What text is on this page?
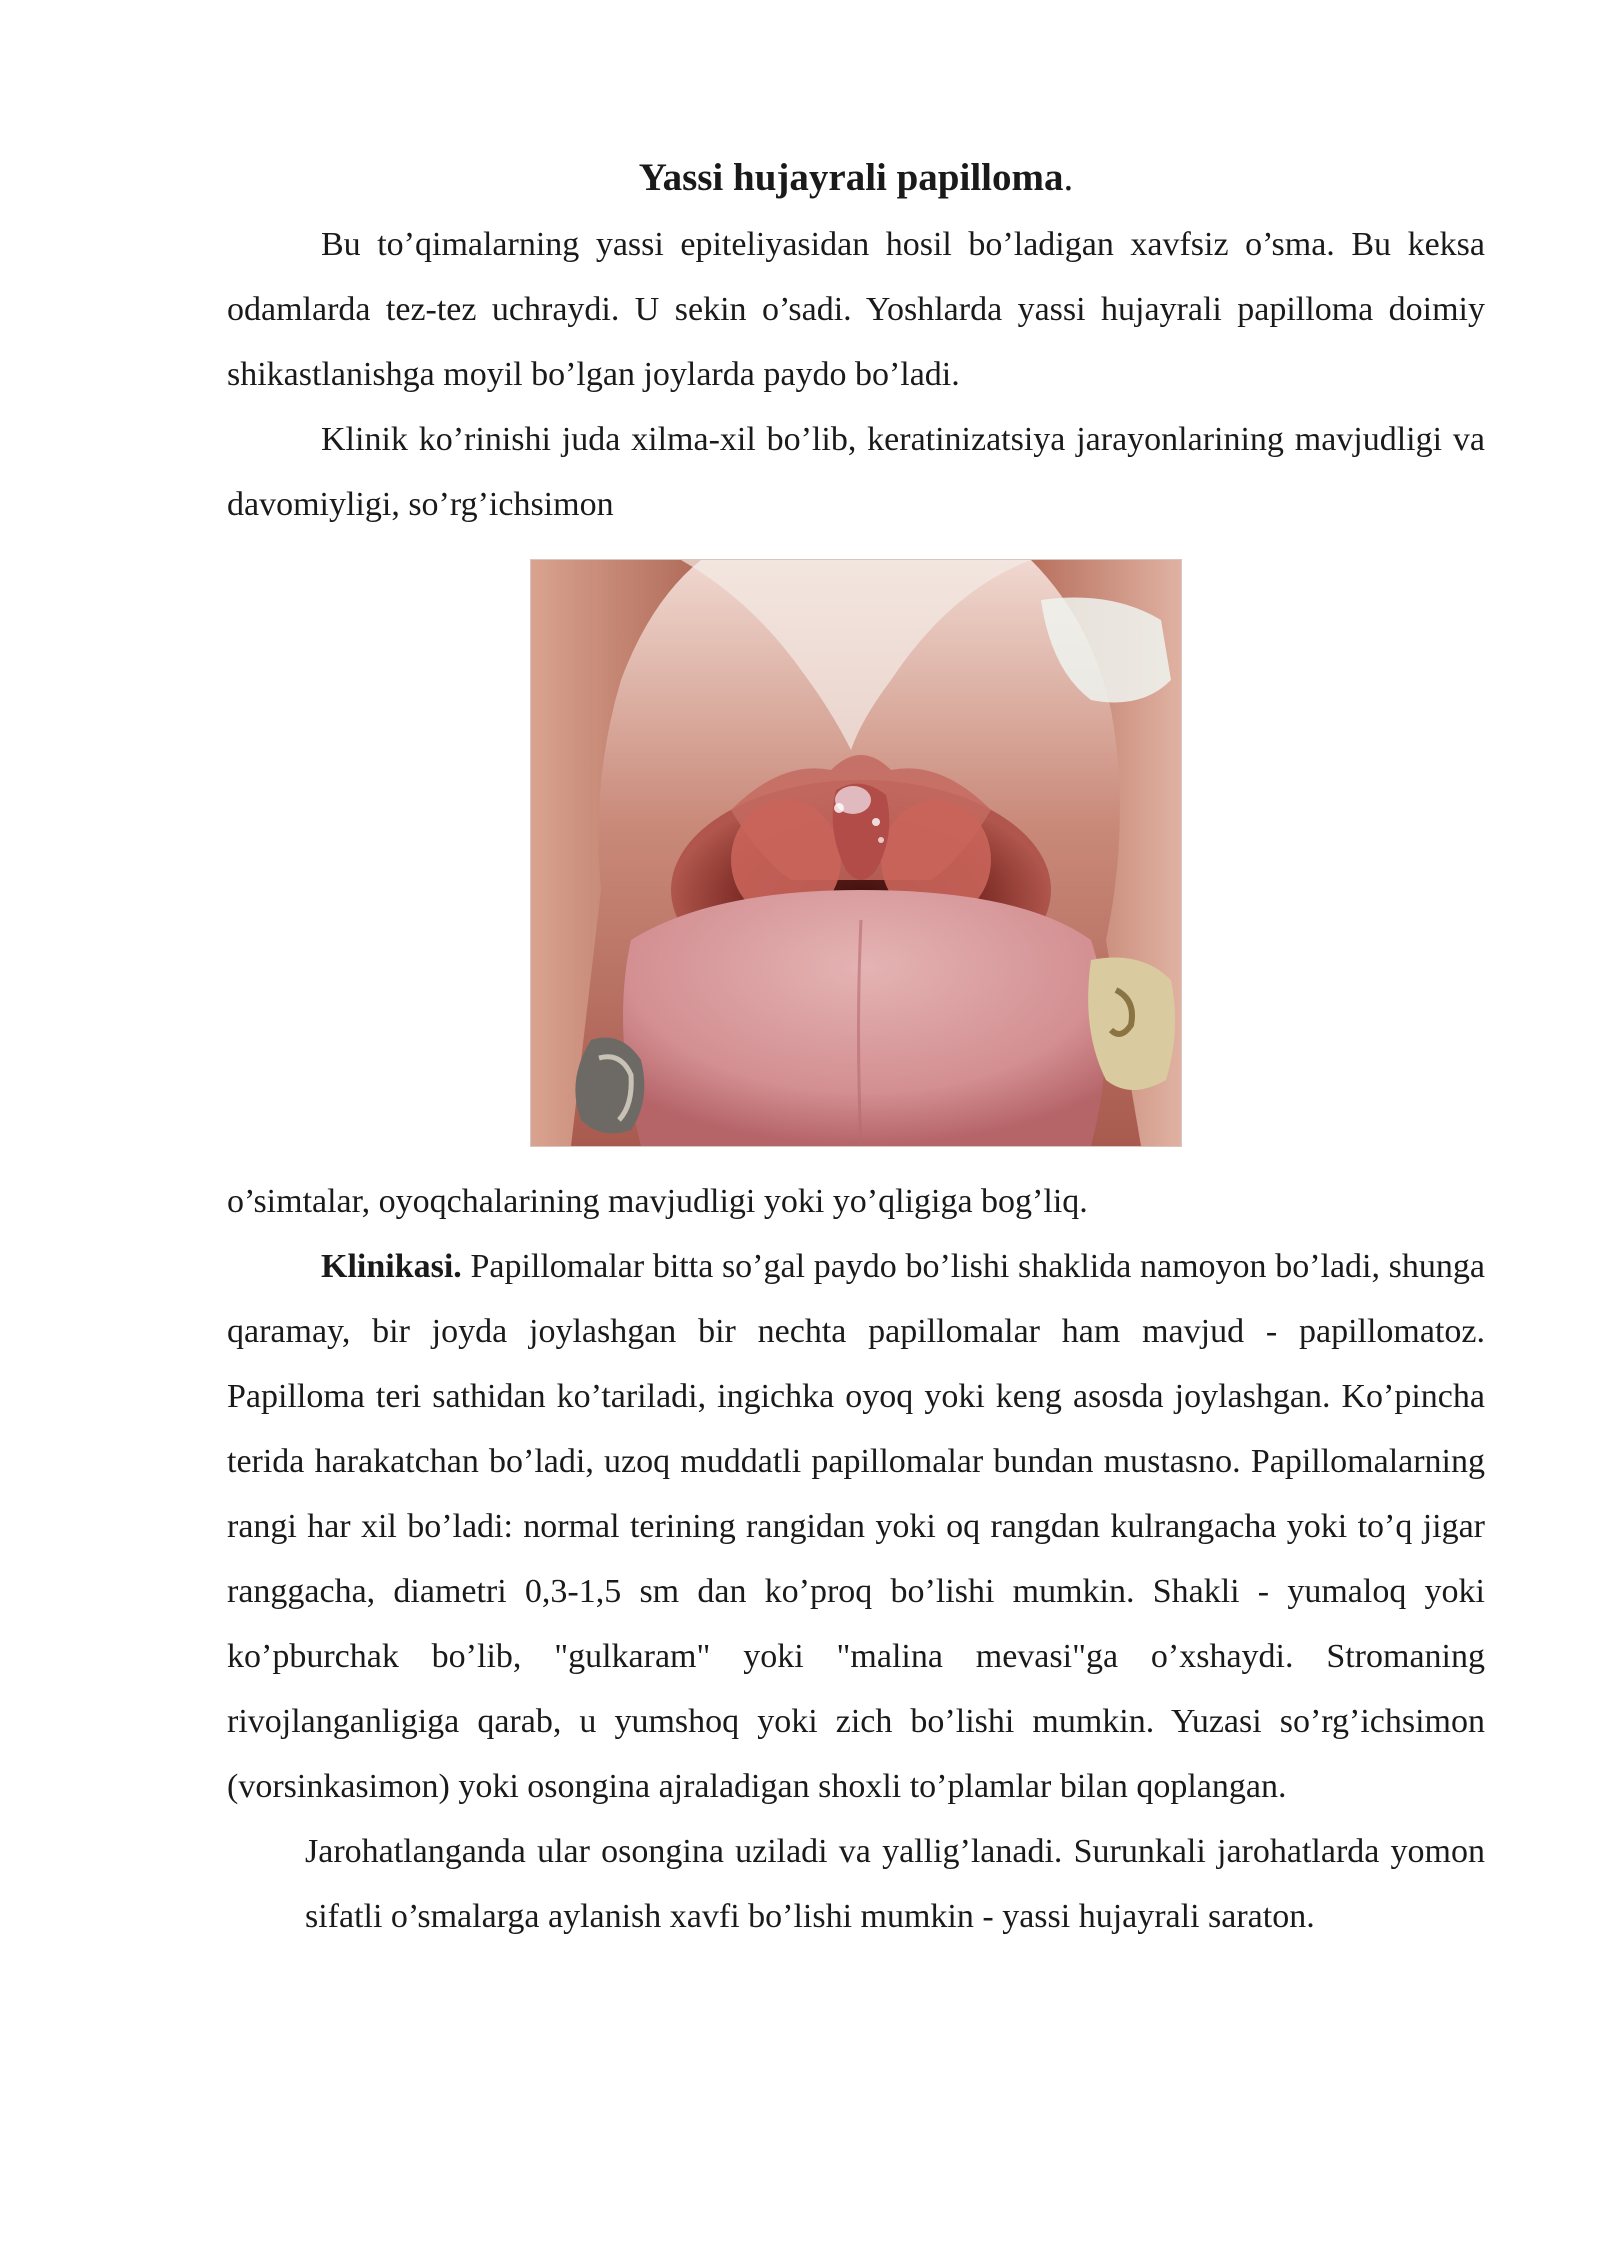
Yassi hujayrali papilloma.

Bu to’qimalarning yassi epiteliyasidan hosil bo’ladigan xavfsiz o’sma. Bu keksa odamlarda tez-tez uchraydi. U sekin o’sadi. Yoshlarda yassi hujayrali papilloma doimiy shikastlanishga moyil bo’lgan joylarda paydo bo’ladi.

Klinik ko’rinishi juda xilma-xil bo’lib, keratinizatsiya jarayonlarining mavjudligi va davomiyligi, so’rg’ichsimon

o’simtalar, oyoqchalarining mavjudligi yoki yo’qligiga bog’liq.

Klinikasi. Papillomalar bitta so’gal paydo bo’lishi shaklida namoyon bo’ladi, shunga qaramay, bir joyda joylashgan bir nechta papillomalar ham mavjud - papillomatoz. Papilloma teri sathidan ko’tariladi, ingichka oyoq yoki keng asosda joylashgan. Ko’pincha terida harakatchan bo’ladi, uzoq muddatli papillomalar bundan mustasno. Papillomalarning rangi har xil bo’ladi: normal terining rangidan yoki oq rangdan kulrangacha yoki to’q jigar ranggacha, diametri 0,3-1,5 sm dan ko’proq bo’lishi mumkin. Shakli - yumaloq yoki ko’pburchak bo’lib, "gulkaram" yoki "malina mevasi"ga o’xshaydi. Stromaning rivojlanganligiga qarab, u yumshoq yoki zich bo’lishi mumkin. Yuzasi so’rg’ichsimon (vorsinkasimon) yoki osongina ajraladigan shoxli to’plamlar bilan qoplangan.

Jarohatlanganda ular osongina uziladi va yallig’lanadi. Surunkali jarohatlarda yomon sifatli o’smalarga aylanish xavfi bo’lishi mumkin - yassi hujayrali saraton.
